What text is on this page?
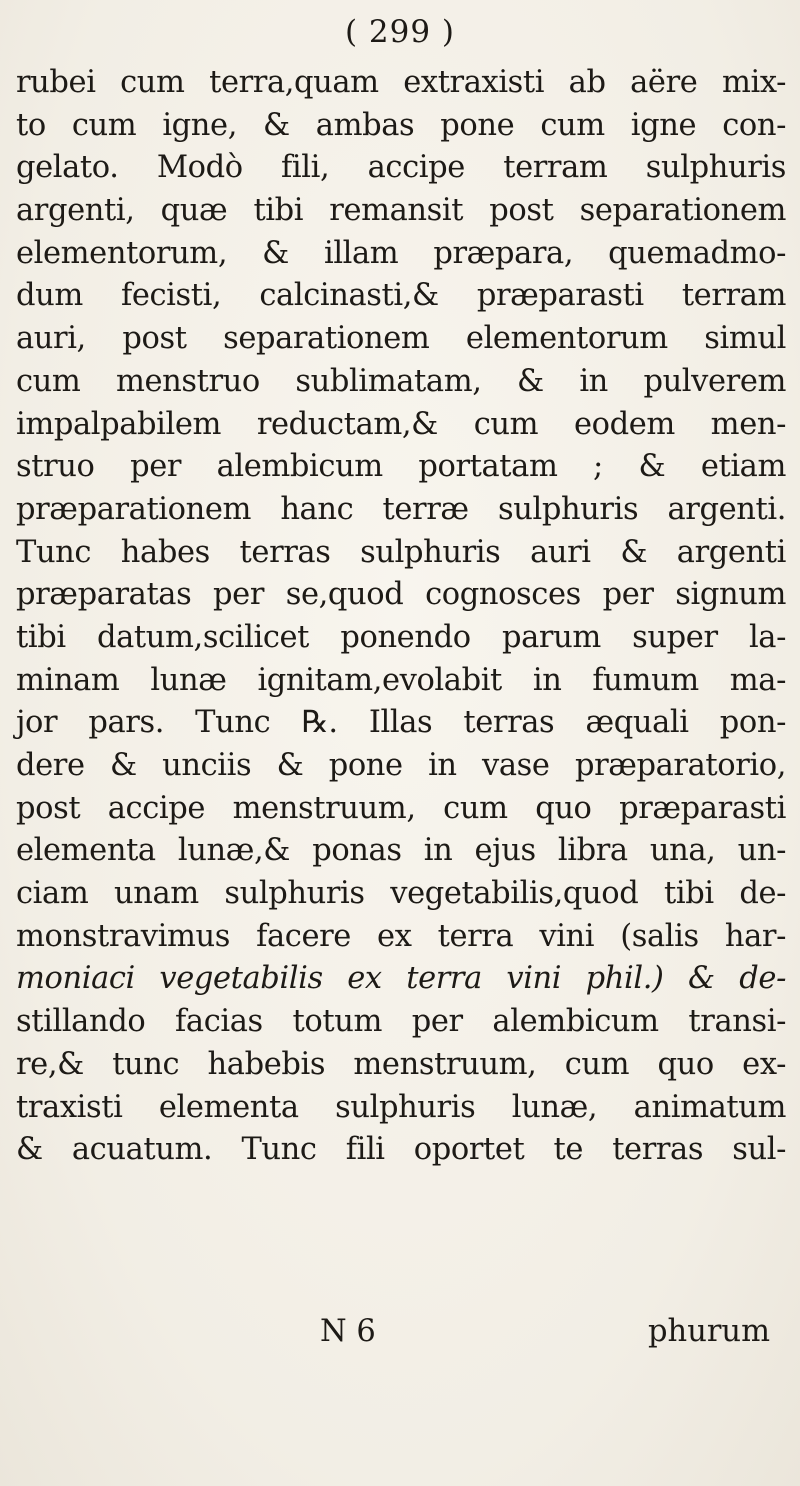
( 299 )
rubei cum terra,quam extraxisti ab aëre mix-
to cum igne, & ambas pone cum igne con-
gelato. Modò fili, accipe terram sulphuris
argenti, quæ tibi remansit post separationem
elementorum, & illam præpara, quemadmo-
dum fecisti, calcinasti,& præparasti terram
auri, post separationem elementorum simul
cum menstruo sublimatam, & in pulverem
impalpabilem reductam,& cum eodem men-
struo per alembicum portatam ; & etiam
præparationem hanc terræ sulphuris argenti.
Tunc habes terras sulphuris auri & argenti
præparatas per se,quod cognosces per signum
tibi datum,scilicet ponendo parum super la-
minam lunæ ignitam,evolabit in fumum ma-
jor pars. Tunc ℞. Illas terras æquali pon-
dere & unciis & pone in vase præparatorio,
post accipe menstruum, cum quo præparasti
elementa lunæ,& ponas in ejus libra una, un-
ciam unam sulphuris vegetabilis,quod tibi de-
monstravimus facere ex terra vini (salis har-
moniaci vegetabilis ex terra vini phil.) & de-
stillando facias totum per alembicum transi-
re,& tunc habebis menstruum, cum quo ex-
traxisti elementa sulphuris lunæ, animatum
& acuatum. Tunc fili oportet te terras sul-
N 6	phurum
